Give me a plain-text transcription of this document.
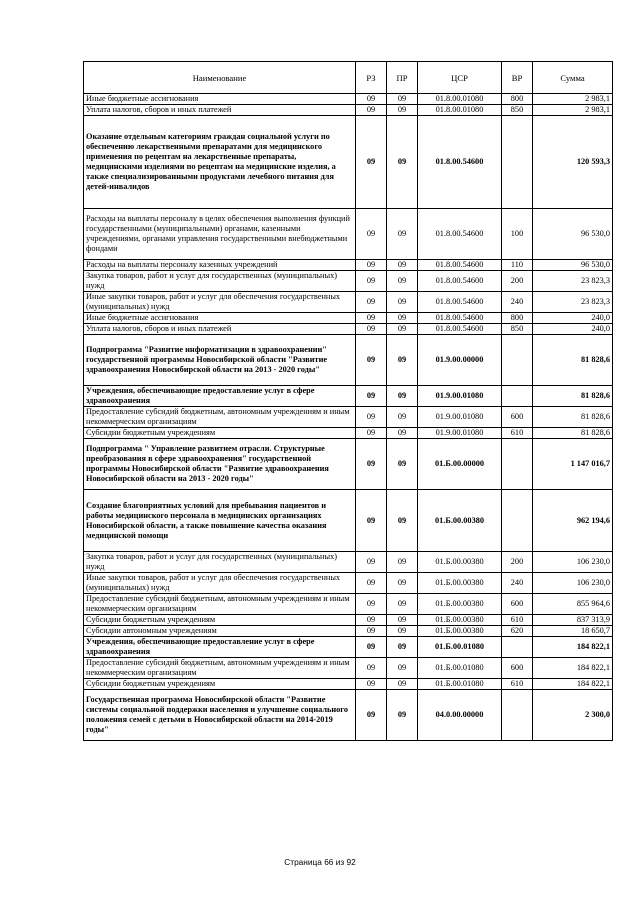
Наименование	РЗ	ПР	ЦСР	ВР	Сумма
Иные бюджетные ассигнования	09	09	01.8.00.01080	800	2 983,1
Уплата налогов, сборов и иных платежей	09	09	01.8.00.01080	850	2 983,1
Оказание отдельным категориям граждан социальной услуги по обеспечению лекарственными препаратами для медицинского применения по рецептам на лекарственные препараты, медицинскими изделиями по рецептам на медицинские изделия, а также специализированными продуктами лечебного питания для детей-инвалидов	09	09	01.8.00.54600		120 593,3
Расходы на выплаты персоналу в целях обеспечения выполнения функций государственными (муниципальными) органами, казенными учреждениями, органами управления государственными внебюджетными фондами	09	09	01.8.00.54600	100	96 530,0
Расходы на выплаты персоналу казенных учреждений	09	09	01.8.00.54600	110	96 530,0
Закупка товаров, работ и услуг для государственных (муниципальных) нужд	09	09	01.8.00.54600	200	23 823,3
Иные закупки товаров, работ и услуг для обеспечения государственных (муниципальных) нужд	09	09	01.8.00.54600	240	23 823,3
Иные бюджетные ассигнования	09	09	01.8.00.54600	800	240,0
Уплата налогов, сборов и иных платежей	09	09	01.8.00.54600	850	240,0
Подпрограмма "Развитие информатизации в здравоохранении" государственной программы Новосибирской области "Развитие здравоохранения Новосибирской области на 2013 - 2020 годы"	09	09	01.9.00.00000		81 828,6
Учреждения, обеспечивающие предоставление услуг в сфере здравоохранения	09	09	01.9.00.01080		81 828,6
Предоставление субсидий бюджетным, автономным учреждениям и иным некоммерческим организациям	09	09	01.9.00.01080	600	81 828,6
Субсидии бюджетным учреждениям	09	09	01.9.00.01080	610	81 828,6
Подпрограмма " Управление развитием отрасли. Структурные преобразования в сфере здравоохранения" государственной программы Новосибирской области "Развитие здравоохранения Новосибирской области на 2013 - 2020 годы"	09	09	01.Б.00.00000		1 147 016,7
Создание благоприятных условий для пребывания пациентов и работы медицинского персонала в медицинских организациях Новосибирской области, а также повышение качества оказания медицинской помощи	09	09	01.Б.00.00380		962 194,6
Закупка товаров, работ и услуг для государственных (муниципальных) нужд	09	09	01.Б.00.00380	200	106 230,0
Иные закупки товаров, работ и услуг для обеспечения государственных (муниципальных) нужд	09	09	01.Б.00.00380	240	106 230,0
Предоставление субсидий бюджетным, автономным учреждениям и иным некоммерческим организациям	09	09	01.Б.00.00380	600	855 964,6
Субсидии бюджетным учреждениям	09	09	01.Б.00.00380	610	837 313,9
Субсидии автономным учреждениям	09	09	01.Б.00.00380	620	18 650,7
Учреждения, обеспечивающие предоставление услуг в сфере здравоохранения	09	09	01.Б.00.01080		184 822,1
Предоставление субсидий бюджетным, автономным учреждениям и иным некоммерческим организациям	09	09	01.Б.00.01080	600	184 822,1
Субсидии бюджетным учреждениям	09	09	01.Б.00.01080	610	184 822,1
Государственная программа Новосибирской области "Развитие системы социальной поддержки населения и улучшение социального положения семей с детьми в Новосибирской области на 2014-2019 годы"	09	09	04.0.00.00000		2 300,0
Страница 66 из 92
